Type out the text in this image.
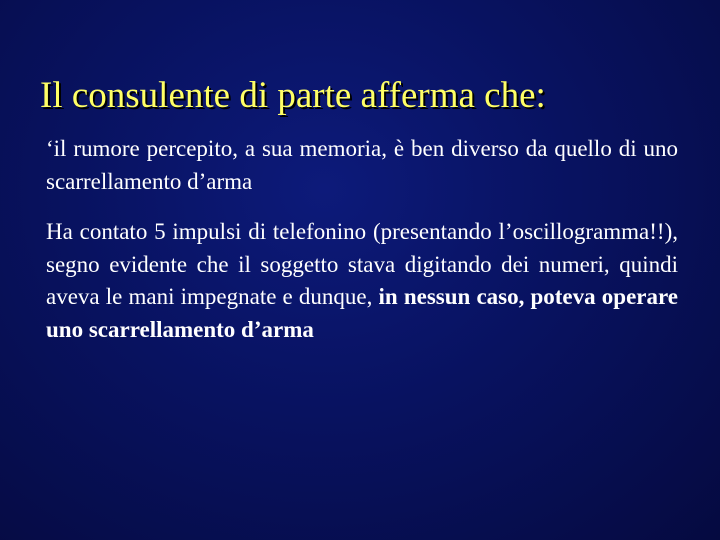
Il consulente di parte afferma che:

‘il rumore percepito, a sua memoria, è ben diverso da quello di uno scarrellamento d’arma

Ha contato 5 impulsi di telefonino (presentando l’oscillogramma!!), segno evidente che il soggetto stava digitando dei numeri, quindi aveva le mani impegnate e dunque, in nessun caso, poteva operare uno scarrellamento d’arma
